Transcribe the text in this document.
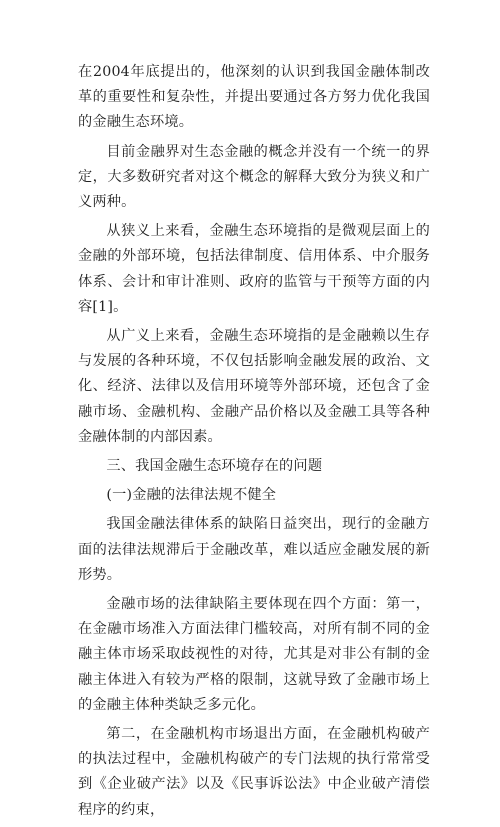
在2004年底提出的，他深刻的认识到我国金融体制改革的重要性和复杂性，并提出要通过各方努力优化我国的金融生态环境。

目前金融界对生态金融的概念并没有一个统一的界定，大多数研究者对这个概念的解释大致分为狭义和广义两种。

从狭义上来看，金融生态环境指的是微观层面上的金融的外部环境，包括法律制度、信用体系、中介服务体系、会计和审计准则、政府的监管与干预等方面的内容[1]。

从广义上来看，金融生态环境指的是金融赖以生存与发展的各种环境，不仅包括影响金融发展的政治、文化、经济、法律以及信用环境等外部环境，还包含了金融市场、金融机构、金融产品价格以及金融工具等各种金融体制的内部因素。

三、我国金融生态环境存在的问题

(一)金融的法律法规不健全

我国金融法律体系的缺陷日益突出，现行的金融方面的法律法规滞后于金融改革，难以适应金融发展的新形势。

金融市场的法律缺陷主要体现在四个方面：第一，在金融市场准入方面法律门槛较高，对所有制不同的金融主体市场采取歧视性的对待，尤其是对非公有制的金融主体进入有较为严格的限制，这就导致了金融市场上的金融主体种类缺乏多元化。

第二，在金融机构市场退出方面，在金融机构破产的执法过程中，金融机构破产的专门法规的执行常常受到《企业破产法》以及《民事诉讼法》中企业破产清偿程序的约束，
